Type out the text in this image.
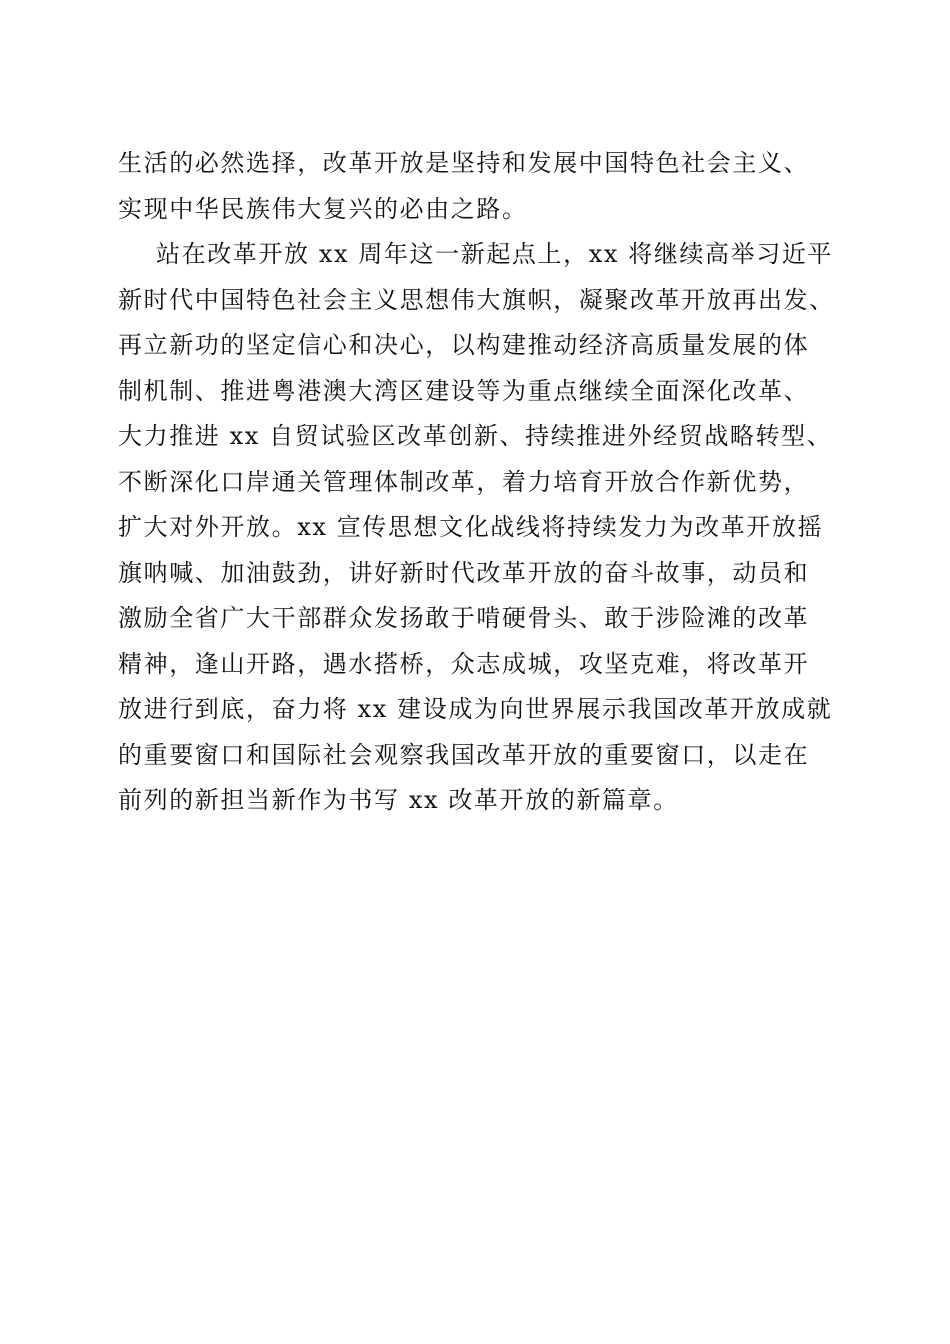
生活的必然选择，改革开放是坚持和发展中国特色社会主义、
实现中华民族伟大复兴的必由之路。
站在改革开放 xx 周年这一新起点上，xx 将继续高举习近平
新时代中国特色社会主义思想伟大旗帜，凝聚改革开放再出发、
再立新功的坚定信心和决心，以构建推动经济高质量发展的体
制机制、推进粤港澳大湾区建设等为重点继续全面深化改革、
大力推进 xx 自贸试验区改革创新、持续推进外经贸战略转型、
不断深化口岸通关管理体制改革，着力培育开放合作新优势，
扩大对外开放。xx 宣传思想文化战线将持续发力为改革开放摇
旗呐喊、加油鼓劲，讲好新时代改革开放的奋斗故事，动员和
激励全省广大干部群众发扬敢于啃硬骨头、敢于涉险滩的改革
精神，逢山开路，遇水搭桥，众志成城，攻坚克难，将改革开
放进行到底，奋力将 xx 建设成为向世界展示我国改革开放成就
的重要窗口和国际社会观察我国改革开放的重要窗口，以走在
前列的新担当新作为书写 xx 改革开放的新篇章。
